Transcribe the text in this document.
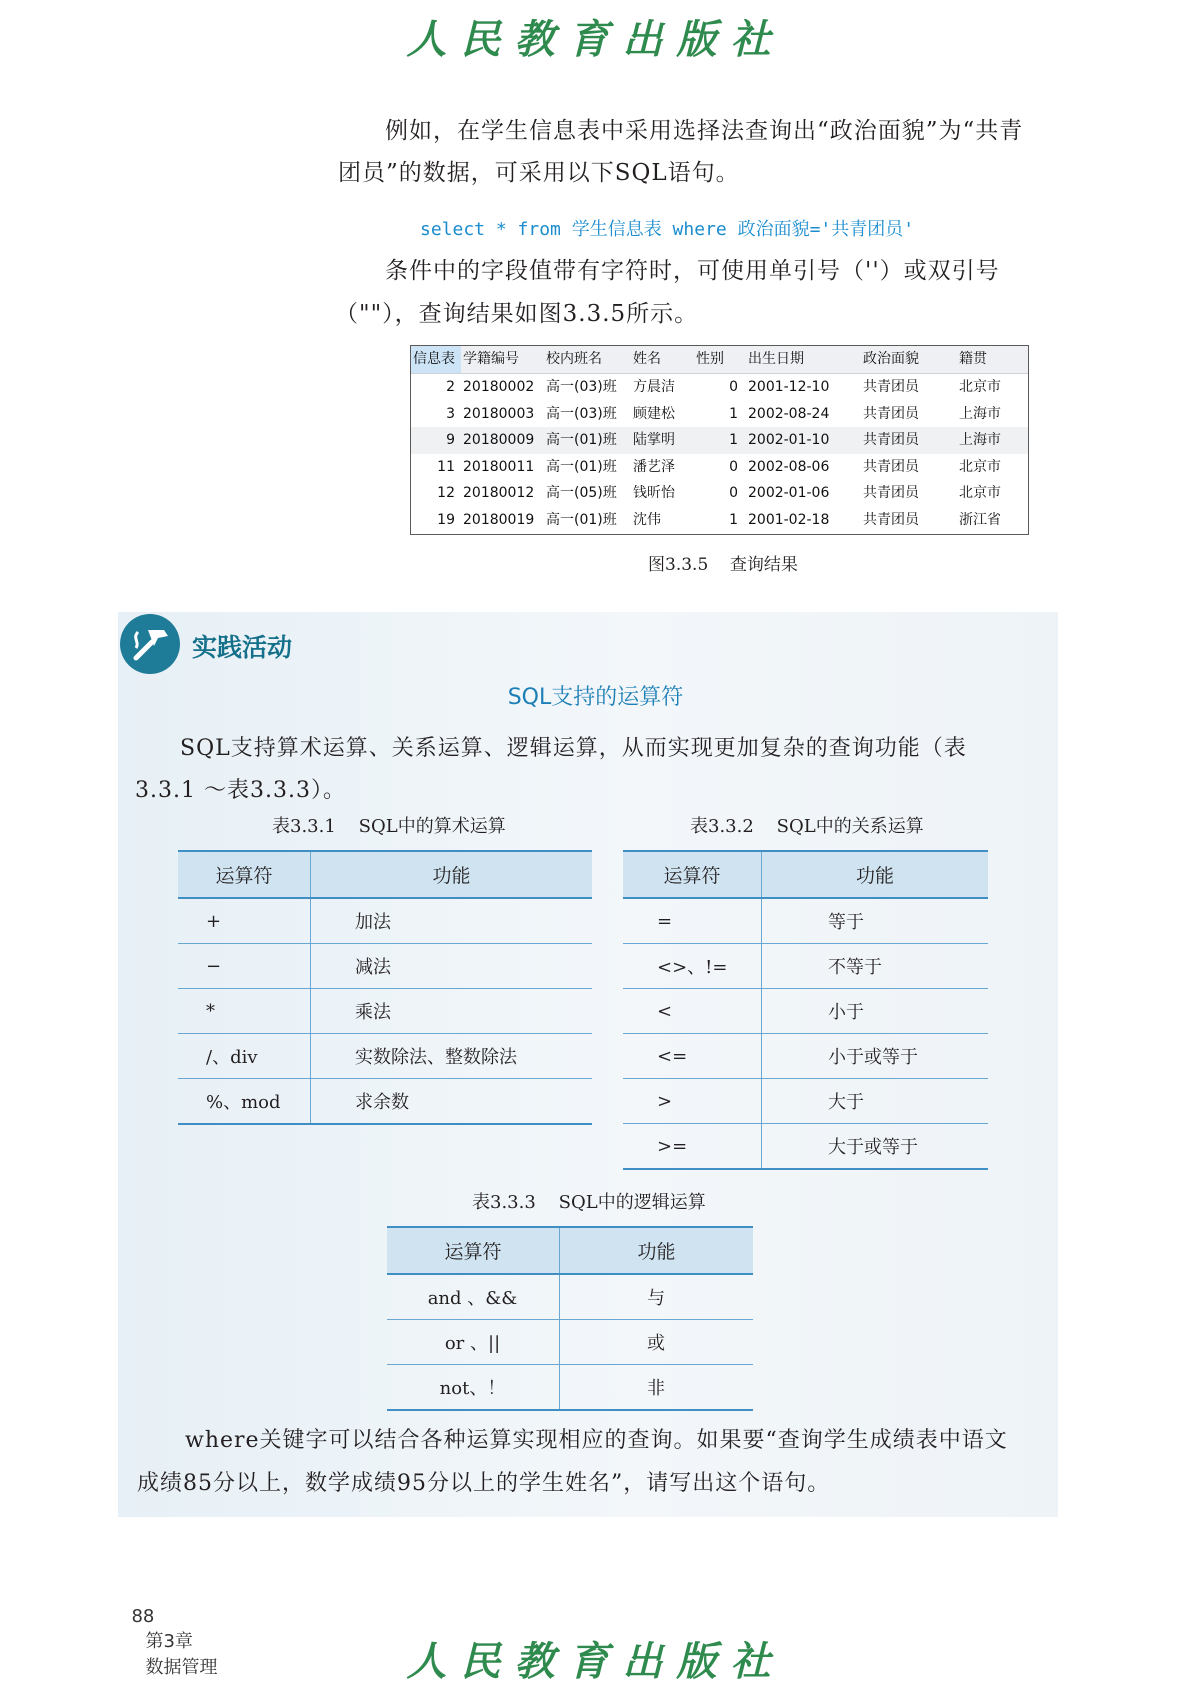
人民教育出版社
例如，在学生信息表中采用选择法查询出“政治面貌”为“共青
团员”的数据，可采用以下SQL语句。
select * from 学生信息表 where 政治面貌='共青团员'
条件中的字段值带有字符时，可使用单引号（''）或双引号
（""），查询结果如图3.3.5所示。
信息表 学籍编号 校内班名 姓名	性别 出生日期	政治面貌	籍贯
2 20180002 高一(03)班 方晨洁	0 2001-12-10 共青团员	北京市
3 20180003 高一(03)班 顾建松	1 2002-08-24 共青团员	上海市
9 20180009 高一(01)班 陆掌明	1 2002-01-10 共青团员	上海市
11 20180011 高一(01)班 潘艺泽	0 2002-08-06 共青团员	北京市
12 20180012 高一(05)班 钱昕怡	0 2002-01-06 共青团员	北京市
19 20180019 高一(01)班 沈伟	1 2001-02-18 共青团员	浙江省
图3.3.5    查询结果
实践活动
SQL支持的运算符
SQL支持算术运算、关系运算、逻辑运算，从而实现更加复杂的查询功能（表
3.3.1 ～表3.3.3）。
表3.3.1    SQL中的算术运算
运算符	功能
+	加法
−	减法
*	乘法
/、div	实数除法、整数除法
%、mod	求余数
表3.3.2    SQL中的关系运算
运算符	功能
=	等于
<>、!=	不等于
<	小于
<=	小于或等于
>	大于
>=	大于或等于
表3.3.3    SQL中的逻辑运算
运算符	功能
and 、&&	与
or 、||	或
not、！	非
where关键字可以结合各种运算实现相应的查询。如果要“查询学生成绩表中语文
成绩85分以上，数学成绩95分以上的学生姓名”，请写出这个语句。

88
第3章
数据管理	人民教育出版社
